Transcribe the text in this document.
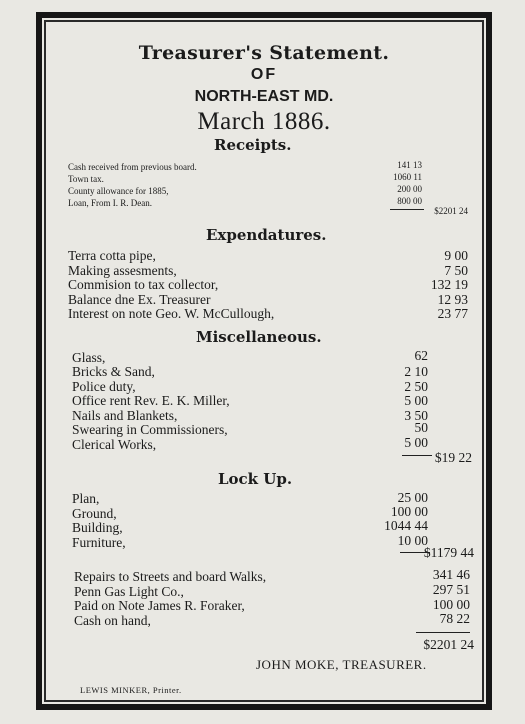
Treasurer's Statement.
OF
NORTH-EAST MD.
March 1886.
Receipts.
Cash received from previous board.	141 13
Town tax.	1060 11
County allowance for 1885,	200 00
Loan, From I. R. Dean.	800 00
$2201 24
Expendatures.
Terra cotta pipe,	9 00
Making assesments,	7 50
Commision to tax collector,	132 19
Balance dne Ex. Treasurer	12 93
Interest on note Geo. W. McCullough,	23 77
Miscellaneous.
Glass,	62
Bricks & Sand,	2 10
Police duty,	2 50
Office rent Rev. E. K. Miller,	5 00
Nails and Blankets,	3 50
Swearing in Commissioners,	50
Clerical Works,	5 00
$19 22
Lock Up.
Plan,	25 00
Ground,	100 00
Building,	1044 44
Furniture,	10 00
$1179 44
Repairs to Streets and board Walks,	341 46
Penn Gas Light Co.,	297 51
Paid on Note James R. Foraker,	100 00
Cash on hand,	78 22
$2201 24
JOHN MOKE, TREASURER.
LEWIS MINKER, Printer.
